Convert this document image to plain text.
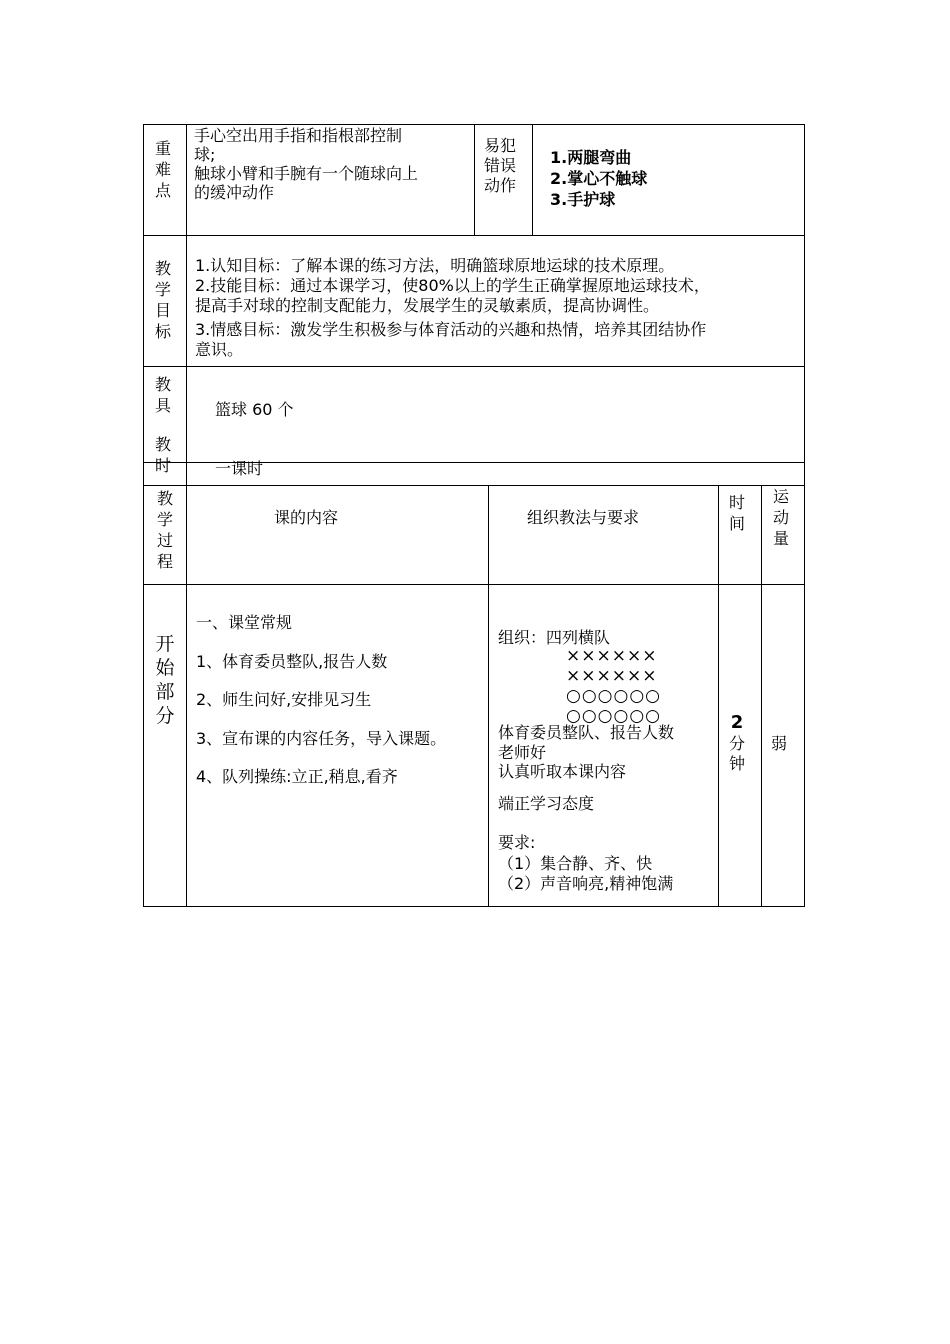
重难点
手心空出用手指和指根部控制
球;
触球小臂和手腕有一个随球向上
的缓冲动作
易犯错误动作
1.两腿弯曲
2.掌心不触球
3.手护球
教学目标
1.认知目标：了解本课的练习方法，明确篮球原地运球的技术原理。
2.技能目标：通过本课学习，使80%以上的学生正确掌握原地运球技术，
提高手对球的控制支配能力，发展学生的灵敏素质，提高协调性。
3.情感目标：激发学生积极参与体育活动的兴趣和热情，培养其团结协作
意识。
教具
教时
篮球 60 个
一课时
教学过程
课的内容	组织教法与要求
时间
运动量
开始部分
一、课堂常规
1、体育委员整队,报告人数
2、师生问好,安排见习生
3、宣布课的内容任务，导入课题。
4、队列操练:立正,稍息,看齐
组织：四列横队
××××××
××××××
○○○○○○
○○○○○○
体育委员整队、报告人数
老师好
认真听取本课内容
端正学习态度
要求:
（1）集合静、齐、快
（2）声音响亮,精神饱满
2
分钟
弱
